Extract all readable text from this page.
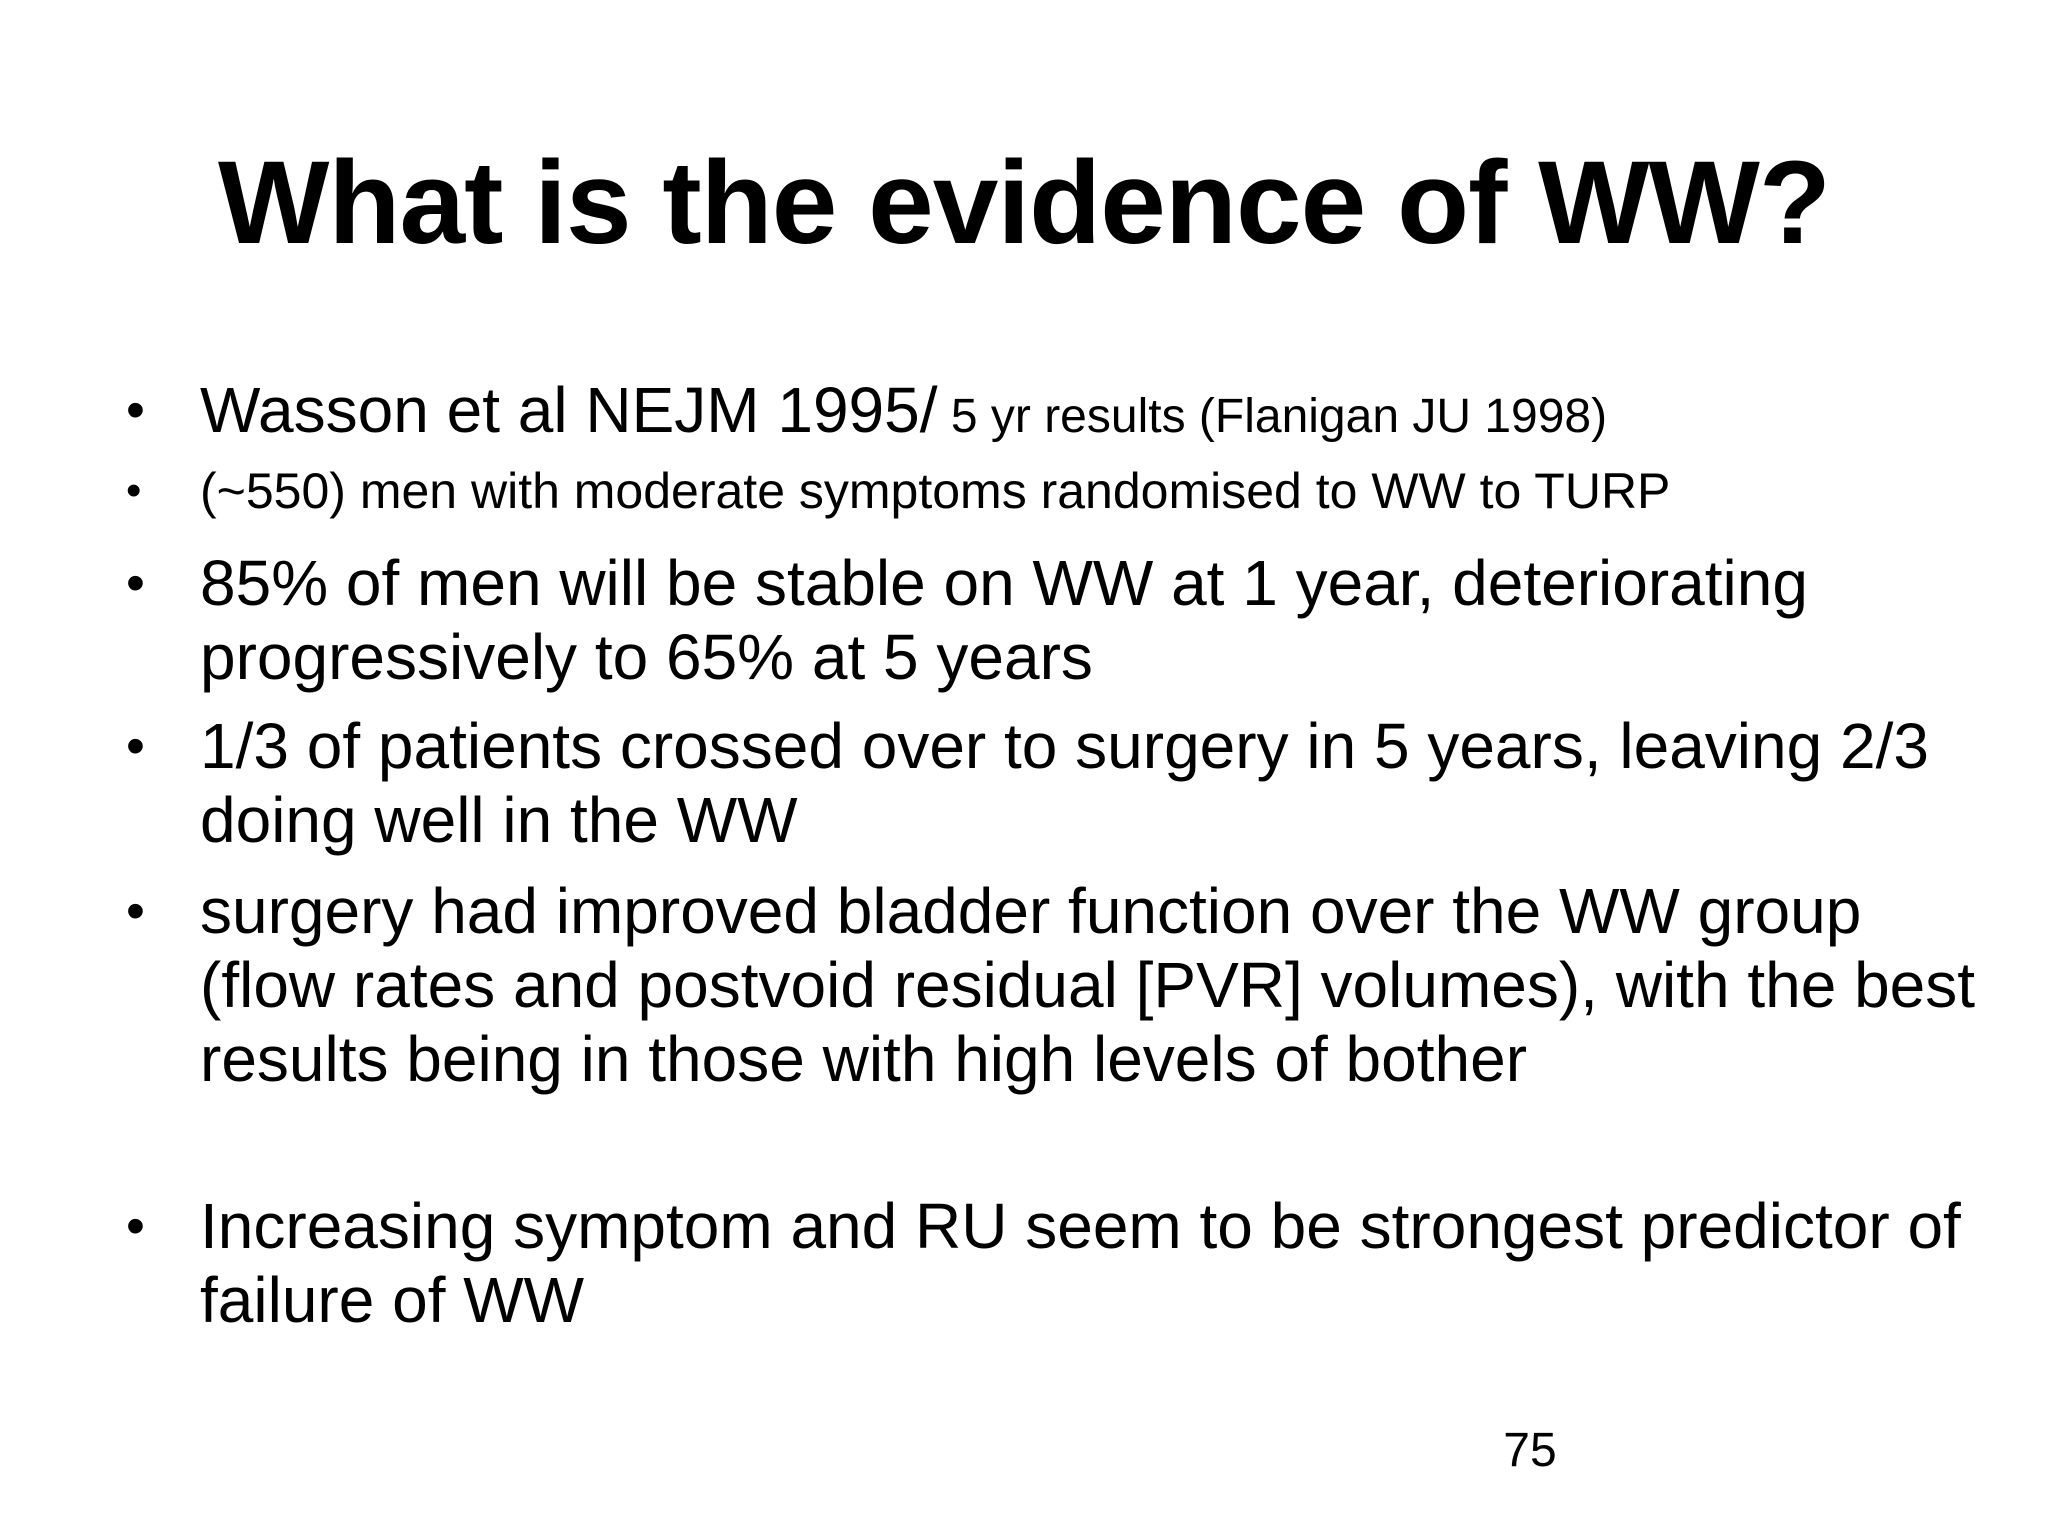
What is the evidence of WW?
• Wasson et al NEJM 1995/ 5 yr results (Flanigan JU 1998)
• (~550) men with moderate symptoms randomised to WW to TURP
• 85% of men will be stable on WW at 1 year, deteriorating progressively to 65% at 5 years
• 1/3 of patients crossed over to surgery in 5 years, leaving 2/3 doing well in the WW
• surgery had improved bladder function over the WW group (flow rates and postvoid residual [PVR] volumes), with the best results being in those with high levels of bother
• Increasing symptom and RU seem to be strongest predictor of failure of WW
75
